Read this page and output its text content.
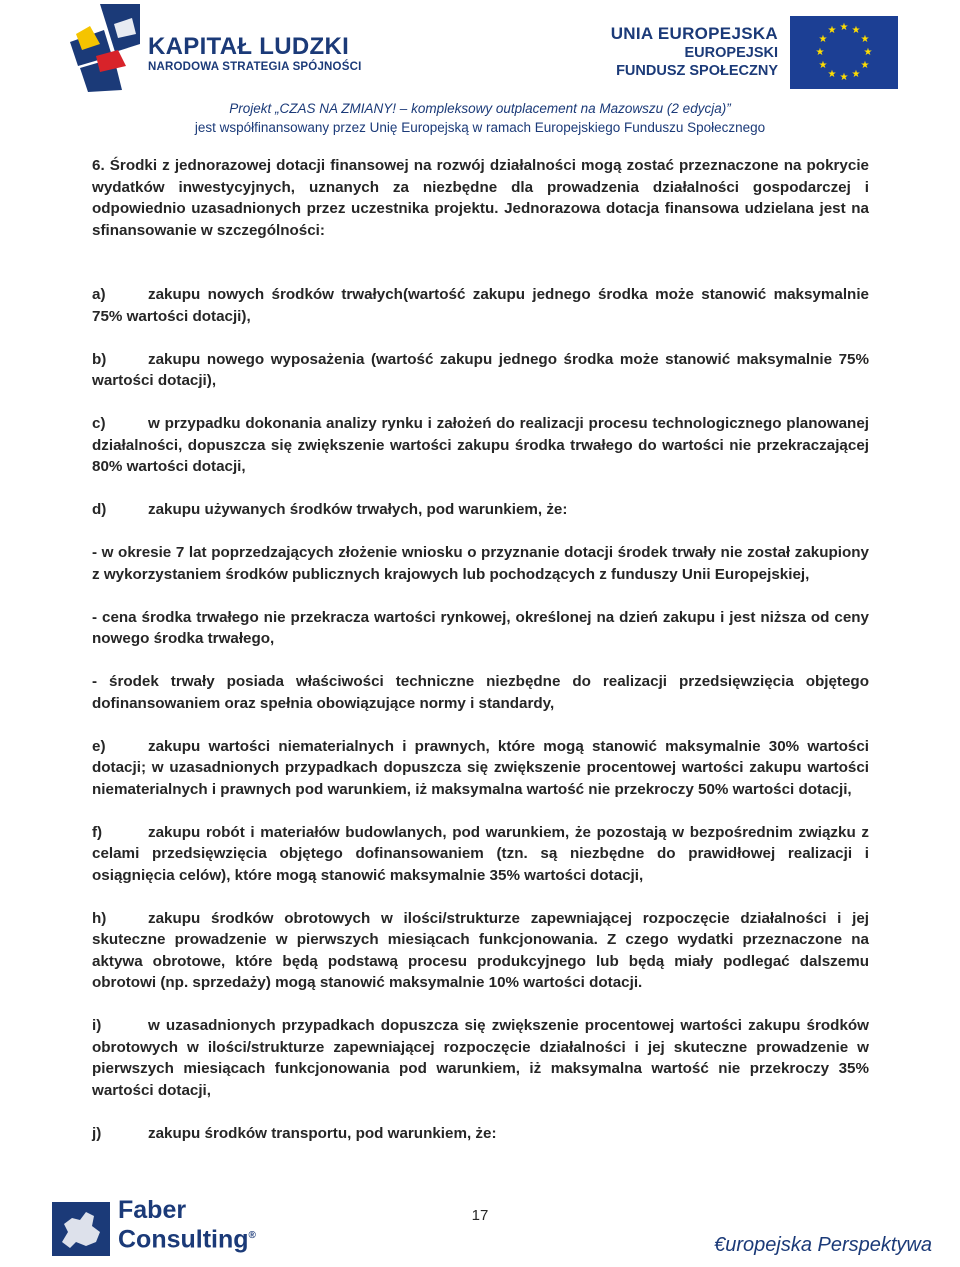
KAPITAŁ LUDZKI
NARODOWA STRATEGIA SPÓJNOŚCI
UNIA EUROPEJSKA
EUROPEJSKI
FUNDUSZ SPOŁECZNY
★ ★
★
★
★
★
★
★
★
★
★
★
Projekt „CZAS NA ZMIANY! – kompleksowy outplacement na Mazowszu (2 edycja)”
jest współfinansowany przez Unię Europejską w ramach Europejskiego Funduszu Społecznego

6. Środki z jednorazowej dotacji finansowej na rozwój działalności mogą zostać przeznaczone na pokrycie wydatków inwestycyjnych, uznanych za niezbędne dla prowadzenia działalności gospodarczej i odpowiednio uzasadnionych przez uczestnika projektu. Jednorazowa dotacja finansowa udzielana jest na sfinansowanie w szczególności:

a)	zakupu nowych środków trwałych(wartość zakupu jednego środka może stanowić maksymalnie 75% wartości dotacji),

b)	zakupu nowego wyposażenia (wartość zakupu jednego środka może stanowić maksymalnie 75% wartości dotacji),

c)	w przypadku dokonania analizy rynku i założeń do realizacji procesu technologicznego planowanej działalności, dopuszcza się zwiększenie wartości zakupu środka trwałego do wartości nie przekraczającej 80% wartości dotacji,

d)	zakupu używanych środków trwałych, pod warunkiem, że:

- w okresie 7 lat poprzedzających złożenie wniosku o przyznanie dotacji środek trwały nie został zakupiony z wykorzystaniem środków publicznych krajowych lub pochodzących z funduszy Unii Europejskiej,

- cena środka trwałego nie przekracza wartości rynkowej, określonej na dzień zakupu i jest niższa od ceny nowego środka trwałego,

- środek trwały posiada właściwości techniczne niezbędne do realizacji przedsięwzięcia objętego dofinansowaniem oraz spełnia obowiązujące normy i standardy,

e)	zakupu wartości niematerialnych i prawnych, które mogą stanowić maksymalnie 30% wartości dotacji; w uzasadnionych przypadkach dopuszcza się zwiększenie procentowej wartości zakupu wartości niematerialnych i prawnych pod warunkiem, iż maksymalna wartość nie przekroczy 50% wartości dotacji,

f)	zakupu robót i materiałów budowlanych, pod warunkiem, że pozostają w bezpośrednim związku z celami przedsięwzięcia objętego dofinansowaniem (tzn. są niezbędne do prawidłowej realizacji i osiągnięcia celów), które mogą stanowić maksymalnie 35% wartości dotacji,

h)	zakupu środków obrotowych w ilości/strukturze zapewniającej rozpoczęcie działalności i jej skuteczne prowadzenie w pierwszych miesiącach funkcjonowania. Z czego wydatki przeznaczone na aktywa obrotowe, które będą podstawą procesu produkcyjnego lub będą miały podlegać dalszemu obrotowi (np. sprzedaży) mogą stanowić maksymalnie 10% wartości dotacji.

i)	w uzasadnionych przypadkach dopuszcza się zwiększenie procentowej wartości zakupu środków obrotowych w ilości/strukturze zapewniającej rozpoczęcie działalności i jej skuteczne prowadzenie w pierwszych miesiącach funkcjonowania pod warunkiem, iż maksymalna wartość nie przekroczy 35% wartości dotacji,

j)	zakupu środków transportu, pod warunkiem, że:

17
Faber
Consulting®	€uropejska Perspektywa
